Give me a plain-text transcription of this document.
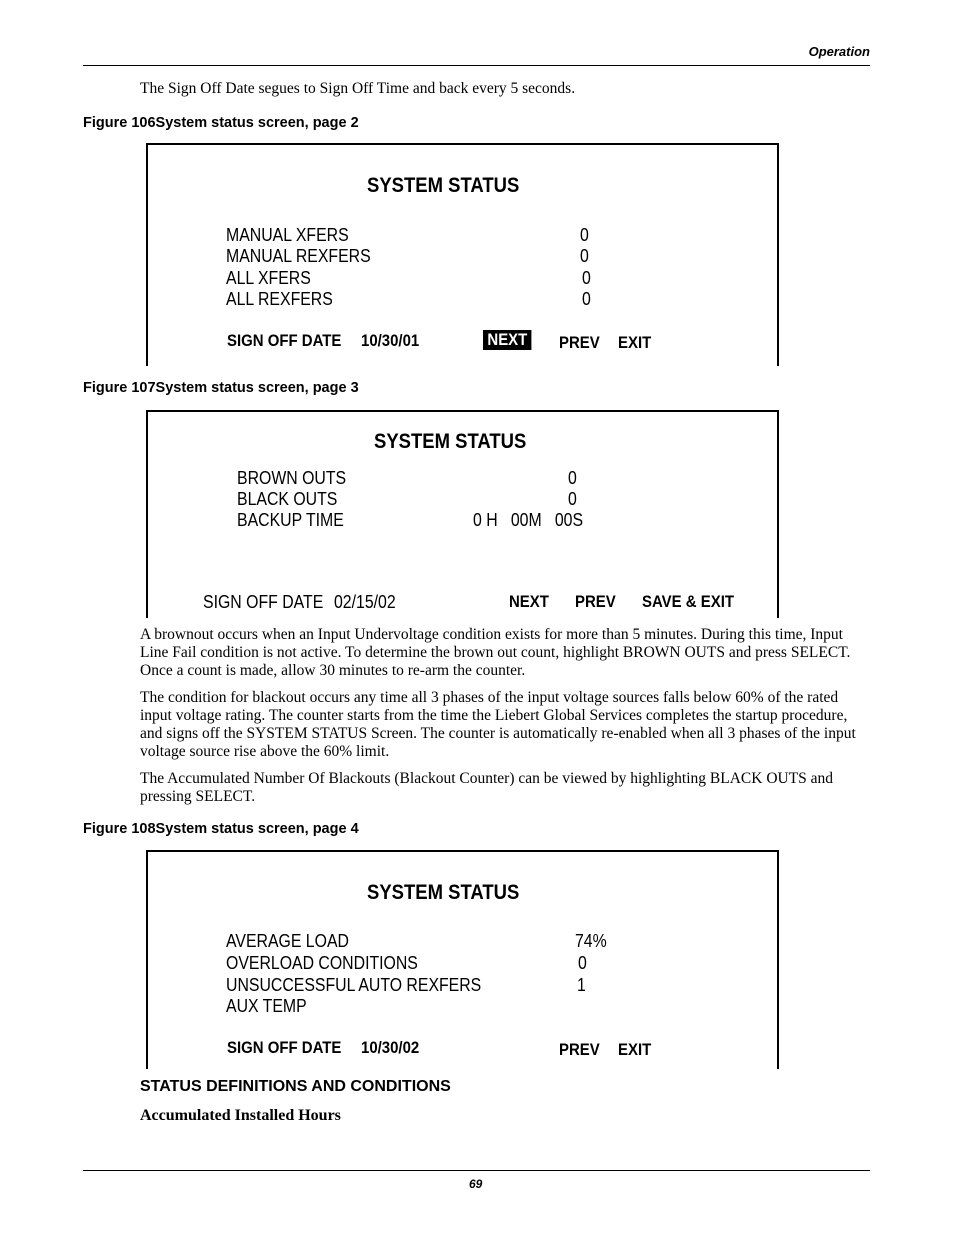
Operation
The Sign Off Date segues to Sign Off Time and back every 5 seconds.
Figure 106System status screen, page 2
SYSTEM STATUS
MANUAL XFERS	0
MANUAL REXFERS	0
ALL XFERS	0
ALL REXFERS	0
SIGN OFF DATE 10/30/01	NEXT PREV EXIT
Figure 107System status screen, page 3
SYSTEM STATUS
BROWN OUTS	0
BLACK OUTS	0
BACKUP TIME	0 H   00M   00S
SIGN OFF DATE 02/15/02	NEXT PREV SAVE & EXIT

A brownout occurs when an Input Undervoltage condition exists for more than 5 minutes. During this time, Input Line Fail condition is not active. To determine the brown out count, highlight BROWN OUTS and press SELECT. Once a count is made, allow 30 minutes to re-arm the counter.

The condition for blackout occurs any time all 3 phases of the input voltage sources falls below 60% of the rated input voltage rating. The counter starts from the time the Liebert Global Services completes the startup procedure, and signs off the SYSTEM STATUS Screen. The counter is automatically re-enabled when all 3 phases of the input voltage source rise above the 60% limit.

The Accumulated Number Of Blackouts (Blackout Counter) can be viewed by highlighting BLACK OUTS and pressing SELECT.

Figure 108System status screen, page 4
SYSTEM STATUS
AVERAGE LOAD	74%
OVERLOAD CONDITIONS	0
UNSUCCESSFUL AUTO REXFERS	1
AUX TEMP
SIGN OFF DATE 10/30/02	PREV EXIT
STATUS DEFINITIONS AND CONDITIONS
Accumulated Installed Hours
69
